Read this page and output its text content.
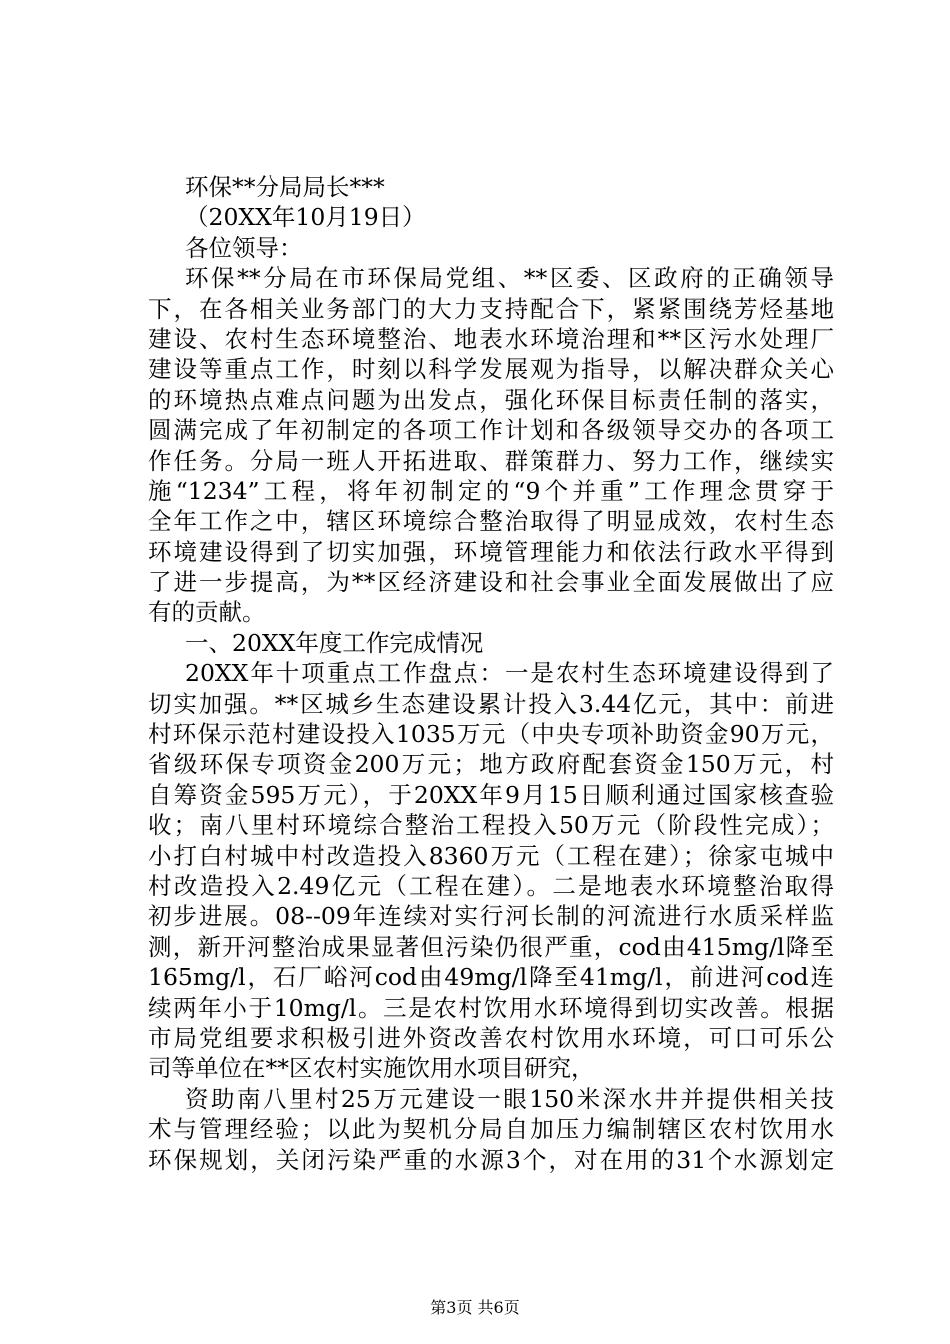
环保**分局局长***
（20XX年10月19日）
各位领导：
环保**分局在市环保局党组、**区委、区政府的正确领导
下，在各相关业务部门的大力支持配合下，紧紧围绕芳烃基地
建设、农村生态环境整治、地表水环境治理和**区污水处理厂
建设等重点工作，时刻以科学发展观为指导，以解决群众关心
的环境热点难点问题为出发点，强化环保目标责任制的落实，
圆满完成了年初制定的各项工作计划和各级领导交办的各项工
作任务。分局一班人开拓进取、群策群力、努力工作，继续实
施“1234”工程，将年初制定的“9个并重”工作理念贯穿于
全年工作之中，辖区环境综合整治取得了明显成效，农村生态
环境建设得到了切实加强，环境管理能力和依法行政水平得到
了进一步提高，为**区经济建设和社会事业全面发展做出了应
有的贡献。
一、20XX年度工作完成情况
20XX年十项重点工作盘点：一是农村生态环境建设得到了
切实加强。**区城乡生态建设累计投入3.44亿元，其中：前进
村环保示范村建设投入1035万元（中央专项补助资金90万元，
省级环保专项资金200万元；地方政府配套资金150万元，村
自筹资金595万元），于20XX年9月15日顺利通过国家核查验
收；南八里村环境综合整治工程投入50万元（阶段性完成）；
小打白村城中村改造投入8360万元（工程在建）；徐家屯城中
村改造投入2.49亿元（工程在建）。二是地表水环境整治取得
初步进展。08--09年连续对实行河长制的河流进行水质采样监
测，新开河整治成果显著但污染仍很严重，cod由415mg/l降至
165mg/l，石厂峪河cod由49mg/l降至41mg/l，前进河cod连
续两年小于10mg/l。三是农村饮用水环境得到切实改善。根据
市局党组要求积极引进外资改善农村饮用水环境，可口可乐公
司等单位在**区农村实施饮用水项目研究，
资助南八里村25万元建设一眼150米深水井并提供相关技
术与管理经验；以此为契机分局自加压力编制辖区农村饮用水
环保规划，关闭污染严重的水源3个，对在用的31个水源划定
第3页 共6页
